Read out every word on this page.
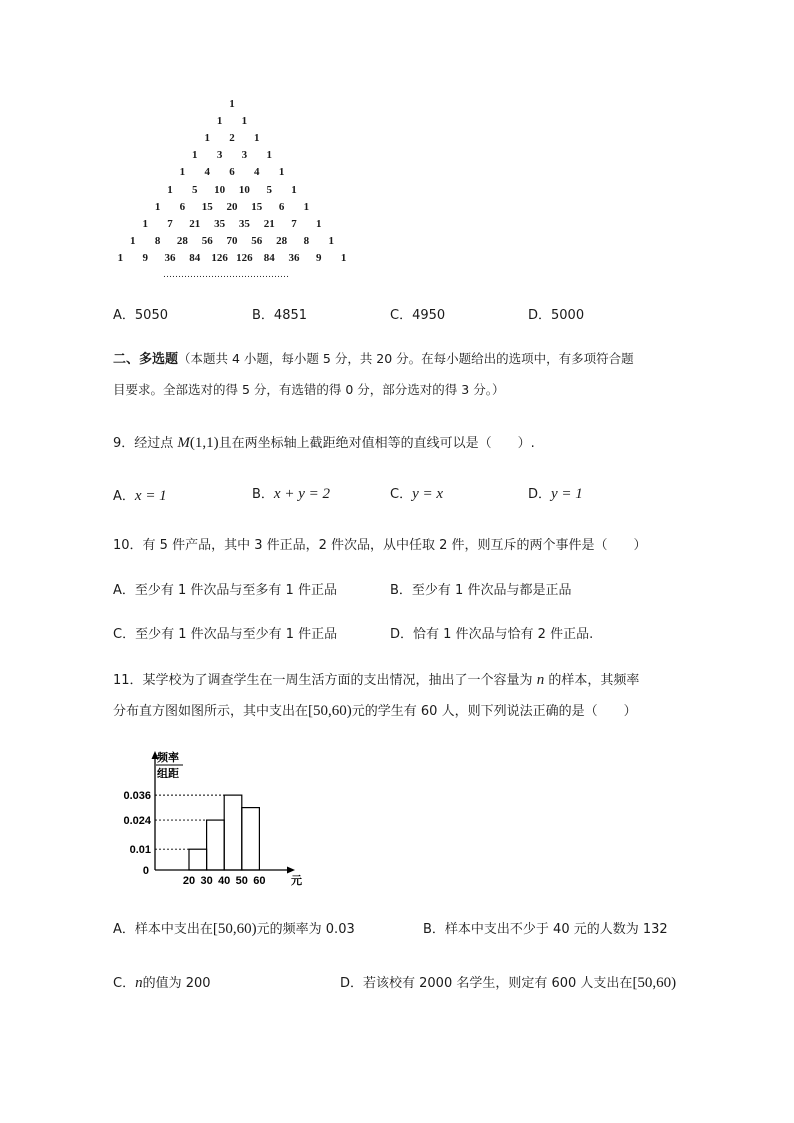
1
1 1
1 2 1
1 3 3 1
1 4 6 4 1
1 5 10 10 5 1
1 6 15 20 15 6 1
1 7 21 35 35 21 7 1
1 8 28 56 70 56 28 8 1
1 9 36 84 126 126 84 36 9 1
……………………………………
A．5050	B．4851	C．4950	D．5000
二、多选题（本题共 4 小题，每小题 5 分，共 20 分。在每小题给出的选项中，有多项符合题
目要求。全部选对的得 5 分，有选错的得 0 分，部分选对的得 3 分。）
9．经过点 M(1,1)且在两坐标轴上截距绝对值相等的直线可以是（　　）.
A．x = 1	B．x + y = 2	C．y = x	D．y = 1
10．有 5 件产品，其中 3 件正品，2 件次品，从中任取 2 件，则互斥的两个事件是（　　）
A．至少有 1 件次品与至多有 1 件正品	B．至少有 1 件次品与都是正品
C．至少有 1 件次品与至少有 1 件正品	D．恰有 1 件次品与恰有 2 件正品.
11．某学校为了调查学生在一周生活方面的支出情况，抽出了一个容量为 n 的样本，其频率
分布直方图如图所示，其中支出在[50,60)元的学生有 60 人，则下列说法正确的是（　　）
频率
组距
0.01
0.024
0.036
0
20 30 40 50 60 元
A．样本中支出在[50,60)元的频率为 0.03	B．样本中支出不少于 40 元的人数为 132
C．n的值为 200	D．若该校有 2000 名学生，则定有 600 人支出在[50,60)
